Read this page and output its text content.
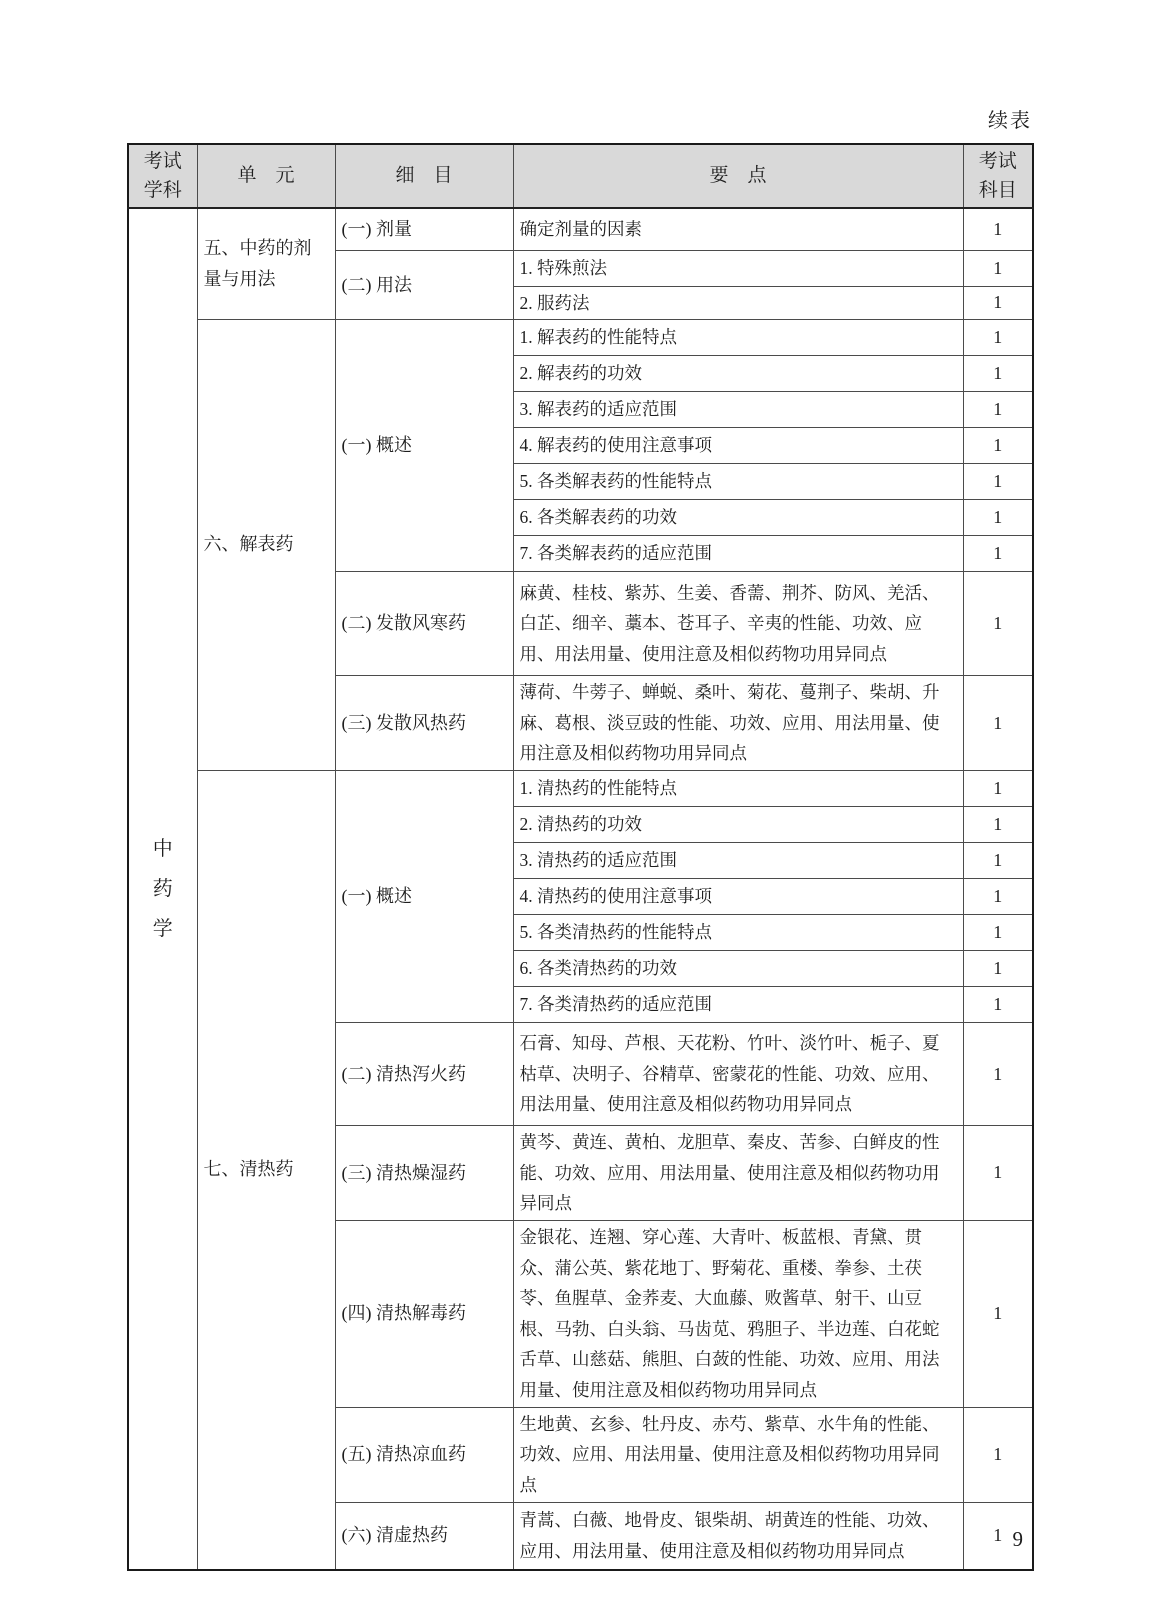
续表
考试学科	单　元	细　目	要　点	考试科目

中药学	五、中药的剂量与用法	(一) 剂量	确定剂量的因素	1
		(二) 用法	1. 特殊煎法	1
			2. 服药法	1
	六、解表药	(一) 概述	1. 解表药的性能特点	1
			2. 解表药的功效	1
			3. 解表药的适应范围	1
			4. 解表药的使用注意事项	1
			5. 各类解表药的性能特点	1
			6. 各类解表药的功效	1
			7. 各类解表药的适应范围	1
		(二) 发散风寒药	麻黄、桂枝、紫苏、生姜、香薷、荆芥、防风、羌活、白芷、细辛、藁本、苍耳子、辛夷的性能、功效、应用、用法用量、使用注意及相似药物功用异同点	1
		(三) 发散风热药	薄荷、牛蒡子、蝉蜕、桑叶、菊花、蔓荆子、柴胡、升麻、葛根、淡豆豉的性能、功效、应用、用法用量、使用注意及相似药物功用异同点	1
	七、清热药	(一) 概述	1. 清热药的性能特点	1
			2. 清热药的功效	1
			3. 清热药的适应范围	1
			4. 清热药的使用注意事项	1
			5. 各类清热药的性能特点	1
			6. 各类清热药的功效	1
			7. 各类清热药的适应范围	1
		(二) 清热泻火药	石膏、知母、芦根、天花粉、竹叶、淡竹叶、栀子、夏枯草、决明子、谷精草、密蒙花的性能、功效、应用、用法用量、使用注意及相似药物功用异同点	1
		(三) 清热燥湿药	黄芩、黄连、黄柏、龙胆草、秦皮、苦参、白鲜皮的性能、功效、应用、用法用量、使用注意及相似药物功用异同点	1
		(四) 清热解毒药	金银花、连翘、穿心莲、大青叶、板蓝根、青黛、贯众、蒲公英、紫花地丁、野菊花、重楼、拳参、土茯苓、鱼腥草、金荞麦、大血藤、败酱草、射干、山豆根、马勃、白头翁、马齿苋、鸦胆子、半边莲、白花蛇舌草、山慈菇、熊胆、白蔹的性能、功效、应用、用法用量、使用注意及相似药物功用异同点	1
		(五) 清热凉血药	生地黄、玄参、牡丹皮、赤芍、紫草、水牛角的性能、功效、应用、用法用量、使用注意及相似药物功用异同点	1
		(六) 清虚热药	青蒿、白薇、地骨皮、银柴胡、胡黄连的性能、功效、应用、用法用量、使用注意及相似药物功用异同点	1 9
